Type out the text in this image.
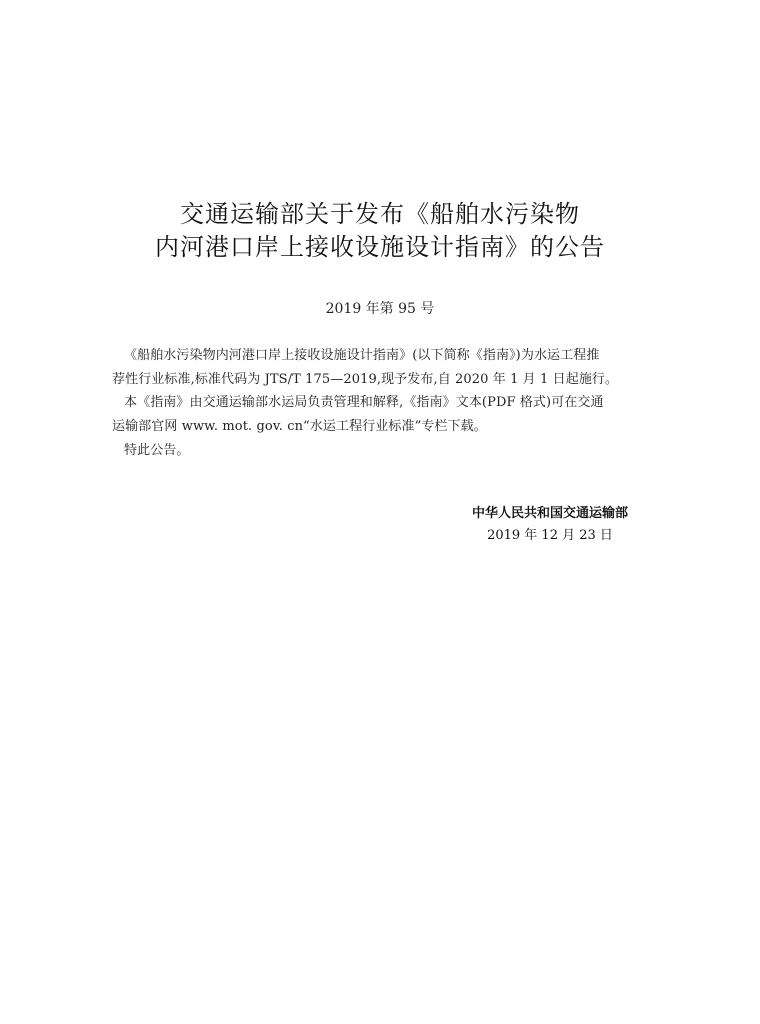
交通运输部关于发布《船舶水污染物
内河港口岸上接收设施设计指南》的公告
2019 年第 95 号
《船舶水污染物内河港口岸上接收设施设计指南》(以下简称《指南》)为水运工程推
荐性行业标准,标准代码为 JTS/T 175—2019,现予发布,自 2020 年 1 月 1 日起施行。
本《指南》由交通运输部水运局负责管理和解释,《指南》文本(PDF 格式)可在交通
运输部官网 www. mot. gov. cn“水运工程行业标准”专栏下载。
特此公告。
中华人民共和国交通运输部
2019 年 12 月 23 日
